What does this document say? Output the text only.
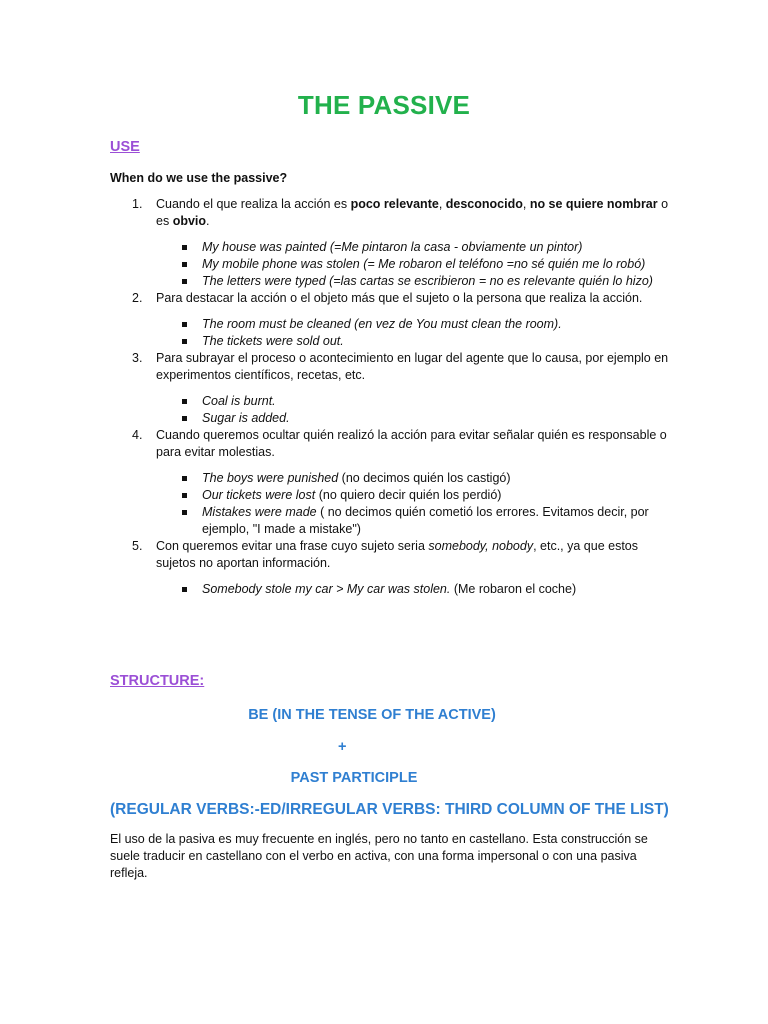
THE PASSIVE
USE
When do we use the passive?
1. Cuando el que realiza la acción es poco relevante, desconocido, no se quiere nombrar o es obvio.
My house was painted (=Me pintaron la casa - obviamente un pintor)
My mobile phone was stolen (= Me robaron el teléfono =no sé quién me lo robó)
The letters were typed (=las cartas se escribieron = no es relevante quién lo hizo)
2. Para destacar la acción o el objeto más que el sujeto o la persona que realiza la acción.
The room must be cleaned (en vez de You must clean the room).
The tickets were sold out.
3. Para subrayar el proceso o acontecimiento en lugar del agente que lo causa, por ejemplo en experimentos científicos, recetas, etc.
Coal is burnt.
Sugar is added.
4. Cuando queremos ocultar quién realizó la acción para evitar señalar quién es responsable o para evitar molestias.
The boys were punished (no decimos quién los castigó)
Our tickets were lost (no quiero decir quién los perdió)
Mistakes were made ( no decimos quién cometió los errores. Evitamos decir, por ejemplo, "I made a mistake")
5. Con queremos evitar una frase cuyo sujeto seria somebody, nobody, etc., ya que estos sujetos no aportan información.
Somebody stole my car > My car was stolen. (Me robaron el coche)
STRUCTURE:
BE (IN THE TENSE OF THE ACTIVE)
+
PAST PARTICIPLE
(REGULAR VERBS:-ED/IRREGULAR VERBS: THIRD COLUMN OF THE LIST)
El uso de la pasiva es muy frecuente en inglés, pero no tanto en castellano. Esta construcción se suele traducir en castellano con el verbo en activa, con una forma impersonal o con una pasiva refleja.
